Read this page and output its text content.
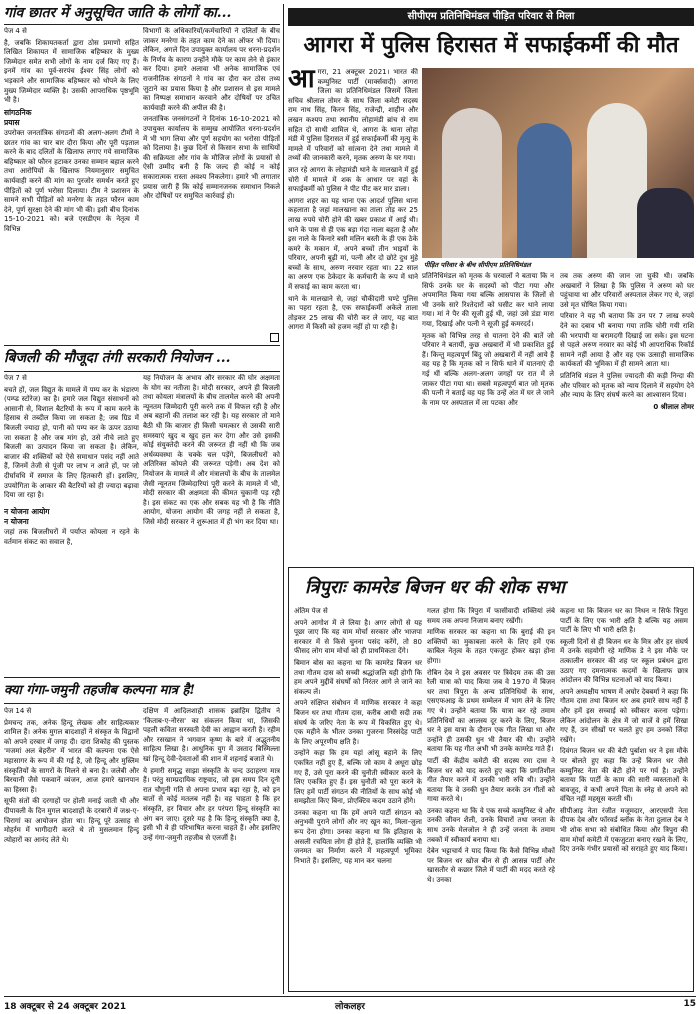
गांव छातर में अनुसूचित जाति के लोगों का...

पेज 4 से

है, जबकि शिकायतकर्ता द्वारा ठोस प्रमाणों सहित लिखित शिकायत में सामाजिक बहिष्कार के मुख्य जिम्मेदार समेत सभी लोगों के नाम दर्ज किए गए हैं। इनमें गांव का पूर्व-सरपंच ईश्वर सिंह लोगों को भड़काने और सामाजिक बहिष्कार को थोपने के लिए मुख्य जिम्मेदार व्यक्ति है। उसकी आपराधिक पृष्ठभूमि भी है।

सांगठनिक
प्रयास

उपरोक्त जनतांत्रिक संगठनों की अलग-अलग टीमों ने छातर गांव का चार बार दौरा किया और पूरी पड़ताल करने के बाद दलितों के खिलाफ लगाए गये सामाजिक बहिष्कार को फौरन हटाकर उनका सम्मान बहाल करने तथा आरोपियों के खिलाफ नियमानुसार समुचित कार्यवाही करने की मांग का पुरजोर समर्थन करते हुए पीड़ितों को पूर्ण भरोसा दिलाया। टीम ने प्रशासन के सामने सभी पीड़ितों को मनरेगा के तहत फौरन काम देने, पूर्ण सुरक्षा देने की मांग भी की। इसी बीच दिनांक 15-10-2021 को। बजे एसडीएम के नेतृत्व में विभिन्न

विभागों के अधिकारियों/कर्मचारियों ने दलितों के बीच जाकर मनरेगा के तहत काम देने का ऑफर भी दिया। लेकिन, अगले दिन उपायुक्त कार्यालय पर धरना-प्रदर्शन के निर्णय के कारण उन्होंने मौके पर काम लेने से इंकार कर दिया। हमारे अलावा भी अनेक सामाजिक एवं राजनीतिक संगठनों ने गांव का दौरा कर ठोस तथ्य जुटाने का प्रयास किया है और प्रशासन से इस मामले का निष्पक्ष समाधान करवाने और दोषियों पर उचित कार्यवाही करने की अपील की है।

जनतांत्रिक जनसंगठनों ने दिनांक 16-10-2021 को उपायुक्त कार्यालय के सम्मुख आयोजित धरना-प्रदर्शन में भी भाग लिया और पूर्ण सहयोग का भरोसा पीड़ितों को दिलाया है। कुछ दिनों से किसान सभा के साथियों की सक्रियता और गांव के मौजिज लोगों के प्रयासों से ऐसी उम्मीद बनी है कि जल्द ही कोई न कोई सकारात्मक रास्ता अवश्य निकलेगा। हमारे भी लगातार प्रयास जारी हैं कि कोई सम्मानजनक समाधान निकले और दोषियों पर समुचित कार्रवाई हो।

बिजली की मौजूदा तंगी सरकारी नियोजन ...

पेज 7 से

बचते हों, जल विद्युत के मामले में पम्प कर के भंडारण (पम्प्ड स्टोरेज) का है। हमारे जल विद्युत संसाधनों को आसानी से, विशाल बैटरियों के रूप में काम करने के हिसाब से तब्दील किया जा सकता है; जब ग्रिड में बिजली ज्यादा हो, पानी को पम्प कर के ऊपर उठाया जा सकता है और जब मांग हो, उसे नीचे लाते हुए बिजली का उत्पादन किया जा सकता है। लेकिन, बाजार की शक्तियों को ऐसे समाधान पसंद नहीं आते हैं, जिनमें तेजी से पूंजी पर लाभ न आते हों, पर जो दीर्घावधि में समाज के लिए हितकारी हों। इसलिए, उपयोगिता के आकार की बैटरियों को ही ज्यादा बढ़ावा दिया जा रहा है।

न योजना आयोग
न योजना

जहां तक बिजलीघरों में पर्याप्त कोयला न रहने के वर्तमान संकट का सवाल है,

यह नियोजन के अभाव और सरकार की घोर अक्षमता के योग का नतीजा है। मोदी सरकार, अपने ही बिजली तथा कोयला मंत्रालयों के बीच तालमेल करने की अपनी न्यूनतम जिम्मेदारी पूरी करने तक में विफल रही है और अब बहानों की तलाश कर रही है। यह सरकार तो माने बैठी थी कि बाजार ही किसी चमत्कार से उसकी सारी समस्याएं खुद ब खुद हल कर देगा और उसे इसकी कोई संयुक्तेदी करने की जरूरत ही नहीं थी कि जब अर्थव्यवस्था के चक्के चल पड़ेंगे, बिजलीघरों को अतिरिक्त कोयले की जरूरत पड़ेगी। अब देश को नियोजन के मामले में और मंत्रालयों के बीच के तालमेल जैसी न्यूनतम जिम्मेदारियां पूरी करने के मामले में भी, मोदी सरकार की अक्षमता की कीमत चुकानी पड़ रही है। इस संकट का एक और सबक यह भी है कि नीति आयोग, योजना आयोग की जगह नहीं ले सकता है, जिसे मोदी सरकार ने शुरूआत में ही भंग कर दिया था।

क्या गंगा-जमुनी तहजीब कल्पना मात्र है!

पेज 14 से

प्रेमचन्द तक, अनेक हिन्दू लेखक और साहित्यकार शामिल हैं। अनेक मुगल बादशाहों ने संस्कृत के विद्वानों को अपने दरबार में जगह दी। दारा शिकोह की पुस्तक 'मजमां अल बेहरीन' में भारत की कल्पना एक ऐसे महासागर के रूप में की गई है, जो हिन्दू और मुस्लिम संस्कृतियों के सागरों के मिलने से बना है। जलेबी और बिरयानी जैसे पकवानें व्यंजन, आज हमारे खानपान का हिस्सा हैं।

सूफी संतों की दरगाहों पर होली मनाई जाती थी और दीपावली के दिन मुगल बादशाहों के दरबारों में जश्न-ए-चिरागां का आयोजन होता था। हिन्दू पूरे उत्साह से मोहर्रम में भागीदारी करते थे तो मुसलमान हिन्दू त्योहारों का आनंद लेते थे।

दक्षिण में आदिलशाही शासक इब्राहिम द्वितीय ने 'किताब-ए-नौरस' का संकलन किया था, जिसकी पहली कविता सरस्वती देवी का आह्वान करती है। रहीम और रसखान ने भगवान कृष्ण के बारे में अद्भुतनीय साहित्य लिखा है। आधुनिक युग में उस्ताद बिस्मिल्ला खां हिन्दू देवी-देवताओं की शान में शहनाई बजाते थे।

ये हमारी समृद्ध साझा संस्कृति के चन्द उदाहरण मात्र हैं। परंतु साम्प्रदायिक राष्ट्रवाद, जो इस समय दिन दूनी रात चौगुनी गति से अपना प्रभाव बढ़ा रहा है, को इन बातों से कोई मतलब नहीं है। वह चाहता है कि हर संस्कृति, हर विचार और हर परंपरा हिन्दू संस्कृति का अंग बन जाए। दूसरे यह है कि हिन्दू संस्कृति क्या है, इसी भी वे ही परिभाषित करना चाहते हैं। और इसलिए उन्हें गंगा-जमुनी तहजीब से एलर्जी है।

सीपीएम प्रतिनिधिमंडल पीड़ित परिवार से मिला
आगरा में पुलिस हिरासत में सफाईकर्मी की मौत

आगरा, 21 अक्टूबर 2021। भारत की कम्युनिस्ट पार्टी (मार्क्सवादी) आगरा जिला का प्रतिनिधिमंडल जिसमें जिला सचिव श्रीलाल तोमर के साथ जिला कमेटी सदस्य राम नाथ सिंह, किरन सिंह, राजेन्द्री, शाहीन और लखन कश्यप तथा स्थानीय लोहामंडी ब्रांच से राम सहित दो साथी शामिल थे, आगरा के थाना लोहा मंडी में पुलिस हिरासत में हुई सफाईकर्मी की मृत्यु के मामले में परिवारों को सांत्वना देने तथा मामले में तथ्यों की जानकारी करने, मृतक अरुण के घर गया।

ज्ञात रहे आगरा के लोहामंडी थाने के मालखाने में हुई चोरी में मामले में शक के आधार पर वहां के सफाईकर्मी को पुलिस ने पीट पीट कर मार डाला।

आगरा शहर का यह थाना एक आदर्श पुलिस थाना कहलाता है जहां मालखाना का ताला तोड़ कर 25 लाख रुपये चोरी होने की खबर प्रकाश में आई थी। थाने के पास से ही एक बड़ा गंदा नाला बहता है और इस नाले के किनारे बसी मलिन बस्ती के ही एक ठेके कमरे के मकान में, अपने बच्चों तीन भाइयों के परिवार, अपनी बूढ़ी मां, पत्नी और दो छोटे दुध मुंहे बच्चों के साथ, अरुण नरवार रहता था। 22 साल का अरुण एक ठेकेदार के कर्मचारी के रूप में थाने में सफाई का काम करता था।

थाने के मालखाने से, जहां चौकीदारी घण्टे पुलिस का पहरा रहता है, एक सफाईकर्मी अकेले ताला तोड़कर 25 लाख की चोरी कर ले जाए, यह बात आगरा में किसी को हजम नहीं हो पा रही है।

पीड़ित परिवार के बीच सीपीएम प्रतिनिधिमंडल

प्रतिनिधिमंडल को मृतक के घरवालों ने बताया कि न सिर्फ उनके घर के सदस्यों को पीटा गया और अपमानित किया गया बल्कि आसपास के जिलों से भी उनके सारे रिश्तेदारों को घसीट कर थाने लाया गया। मां ने पैर की सूजी हुई थी, जहां उसे डंडा मारा गया, दिखाई और पत्नी ने सूजी हुई कमरदर्द।

मृतक को विभिन्न तरह से यातना देने की बातें जो परिवार ने बतायीं, कुछ अखबारों में भी प्रकाशित हुई हैं। किन्तु महत्वपूर्ण बिंदु जो अखबारों में नहीं आये हैं वह यह है कि मृतक को न सिर्फ थाने में यातनाएं दी गई थीं बल्कि अलग-अलग जगहों पर रात में ले जाकर पीटा गया था। सबसे महत्वपूर्ण बात जो मृतक की पत्नी ने बताई वह यह कि उन्हें अंत में घर ले जाने के नाम पर अस्पताल में ला पटका और

तब तक अरुण की जान जा चुकी थी। जबकि अखबारों ने लिखा है कि पुलिस ने अरुण को घर पहुंचाया था और परिवारों अस्पताल लेकर गए थे, जहां उसे मृत घोषित किया गया।

परिवार ने यह भी बताया कि उन पर 7 लाख रुपये देने का दबाव भी बनाया गया ताकि चोरी गयी राशि की भरपायी या बरामदगी दिखाई जा सके। इस घटना से पहले अरुण नरवार का कोई भी आपराधिक रिकॉर्ड सामने नहीं आया है और वह एक उत्साही सामाजिक कार्यकर्ता की भूमिका में ही सामने आता था।

प्रतिनिधि मंडल ने पुलिस ज्यादती की कड़ी निन्दा की और परिवार को मृतक को न्याय दिलाने में सहयोग देने और न्याय के लिए संघर्ष करने का आश्वासन दिया।

0 श्रीलाल तोमर

त्रिपुराः कामरेड बिजन धर की शोक सभा

अंतिम पेज से

अपने आगोश में ले लिया है। अगर लोगों से यह पूछा जाए कि यह वाम मोर्चा सरकार और भाजपा सरकार में से किसे चुनना पसंद करेंगे, तो 80 फीसद लोग वाम मोर्चा को ही प्राथमिकता देंगे।

बिमान बोस का कहना था कि कामरेड बिजन धर तथा गौतम दास को सच्ची श्रद्धांजलि यही होगी कि हम अपने मुद्दीवें संघर्षों को निरंतर आगे ले जाने का संकल्प लें।

अपने संक्षिप्त संबोधन में माणिक सरकार ने कहा बिजन धर तथा गौतम दास, करीब आधी सदी तक संघर्ष के जरिए नेता के रूप में विकसित हुए थे। एक महीने के भीतर उनका गुजरना निस्संदेह पार्टी के लिए अपूरणीय क्षति है।

उन्होंने कहा कि हम यहां आंसू बहाने के लिए एकत्रित नहीं हुए हैं, बल्कि जो काम वे अधूरा छोड़ गए हैं, उसे पूरा करने की चुनौती स्वीकार करने के लिए एकत्रित हुए हैं। इस चुनौती को पूरा करने के लिए हमें पार्टी संगठन की नीतियों के साथ कोई भी समझौता किए बिना, प्रोएक्टिव कदम उठाने होंगे।

उनका कहना था कि हमें अपने पार्टी संगठन को अनुभवी पुराने लोगों और नए खून का, मिला-जुला रूप देना होगा। उनका कहना था कि इतिहास के असली रचयिता लोग ही होते हैं, हालांकि व्यक्ति भी जनमत का निर्माण करने में महत्वपूर्ण भूमिका निभाते हैं। इसलिए, यह मान कर चलना

गलत होगा कि त्रिपुरा में फासीवादी शक्तियां लंबे समय तक अपना निजाम बनाए रखेंगी।

माणिक सरकार का कहना था कि बुराई की इन शक्तियों का मुकाबला करने के लिए हमें एक काबिल नेतृत्व के तहत एकजुट होकर खड़ा होना होगा।

रोबिन देब ने इस अवसर पर त्रिवेदम तक की उस रैली यात्रा को याद किया जब वे 1970 में बिजन धर तथा त्रिपुरा के अन्य प्रतिनिधियों के साथ, एसएफआइ के प्रथम सम्मेलन में भाग लेने के लिए गए थे। उन्होंने बताया कि यात्रा कर रहे तमाम प्रतिनिधियों का आलस्य दूर करने के लिए, बिजन धर ने इस यात्रा के दौरान एक गीत लिखा था और उन्होंने ही उसकी धुन भी तैयार की थी। उन्होंने बताया कि यह गीत अभी भी उनके कामरेड गाते हैं।

पार्टी की केंद्रीय कमेटी की सदस्य रमा दास ने बिजन धर को याद करते हुए कहा कि प्रगतिशील गीत तैयार करने में उनकी भारी रुचि थी। उन्होंने बताया कि वे उनकी धुन तैयार करके उन गीतों को गाया करते थे।

उनका कहना था कि वे एक सच्चे कम्युनिस्ट थे और उनकी जीवन शैली, उनके विचारों तथा जनता के साथ उनके मेलजोल ने ही उन्हें जनता के तमाम तबकों में स्वीकार्य बनाया था।

देबेन भट्टाचार्य ने याद किया कि कैसे विभिन्न मौकों पर बिजन धर खोज बीन से ही आसन्न पार्टी और खासतौर से कछार जिले में पार्टी की मदद करते रहे थे। उनका

कहना था कि बिजन धर का निधन न सिर्फ त्रिपुरा पार्टी के लिए एक भारी क्षति है बल्कि यह असम पार्टी के लिए भी भारी क्षति है।

स्कूली दिनों से ही बिजन धर के मित्र और हर संघर्ष में उनके सहयोगी रहे माणिक डे ने इस मौके पर तत्कालीन सरकार की शह पर स्कूल प्रबंधन द्वारा उठाए गए दमनात्मक कदमों के खिलाफ छात्र आंदोलन की विभिन्न घटनाओं को याद किया।

अपने अध्यक्षीय भाषण में अघोर देबबर्मा ने कहा कि गौतम दास तथा बिजन धर अब हमारे साथ नहीं हैं और हमें इस सच्चाई को स्वीकार करना पड़ेगा। लेकिन आंदोलन के क्षेत्र में जो वाजें वे हमें सिखा गए हैं, उन सीखों पर चलते हुए हम उनको जिंदा रखेंगे।

दिवंगत बिजन धर की बेटी पुर्बाशा धर ने इस मौके पर बोलते हुए कहा कि उन्हें बिजन धर जैसे कम्युनिस्ट नेता की बेटी होने पर गर्व है। उन्होंने बताया कि पार्टी के काम की सारी व्यस्तताओं के बावजूद, वे कभी अपने पिता के स्नेह से अपने को वंचित नहीं महसूस करती थीं।

सीपीआइ नेता रंजीत मजूमदार, आरएसपी नेता दीपक देब और फॉरवर्ड ब्लॉक के नेता दुलाल देब ने भी शोक सभा को संबोधित किया और त्रिपुरा की वाम मोर्चा कमेटी में एकजुटता बनाए रखने के लिए, दिए उनके गंभीर प्रयासों को सराहते हुए याद किया।

18 अक्टूबर से 24 अक्टूबर 2021	लोकलहर	15
